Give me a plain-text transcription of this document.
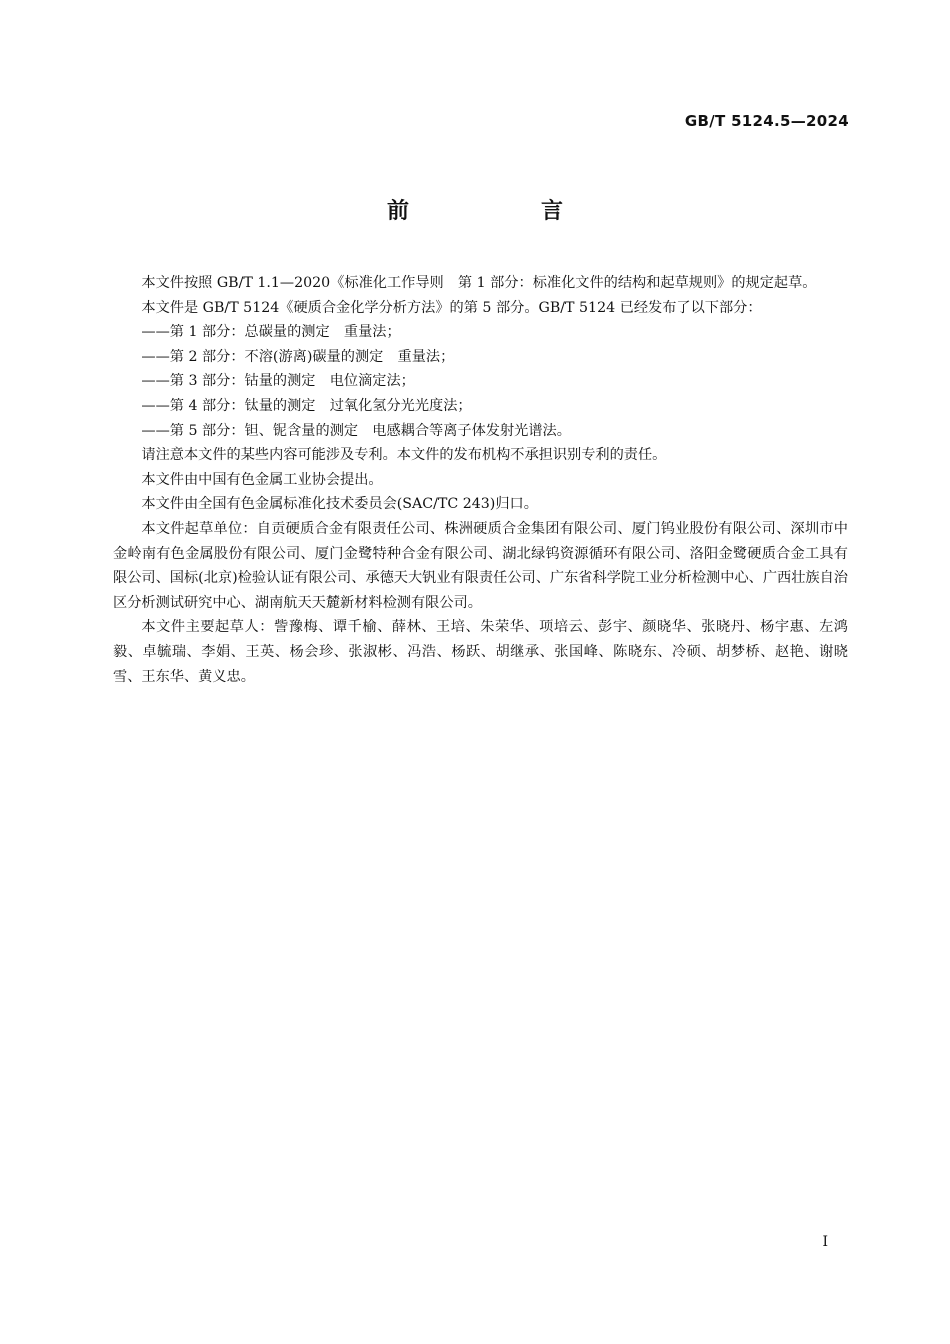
GB/T 5124.5—2024
前　言

本文件按照 GB/T 1.1—2020《标准化工作导则　第 1 部分：标准化文件的结构和起草规则》的规定起草。

本文件是 GB/T 5124《硬质合金化学分析方法》的第 5 部分。GB/T 5124 已经发布了以下部分：

——第 1 部分：总碳量的测定　重量法；

——第 2 部分：不溶(游离)碳量的测定　重量法；

——第 3 部分：钴量的测定　电位滴定法；

——第 4 部分：钛量的测定　过氧化氢分光光度法；

——第 5 部分：钽、铌含量的测定　电感耦合等离子体发射光谱法。

请注意本文件的某些内容可能涉及专利。本文件的发布机构不承担识别专利的责任。

本文件由中国有色金属工业协会提出。

本文件由全国有色金属标准化技术委员会(SAC/TC 243)归口。

本文件起草单位：自贡硬质合金有限责任公司、株洲硬质合金集团有限公司、厦门钨业股份有限公司、深圳市中金岭南有色金属股份有限公司、厦门金鹭特种合金有限公司、湖北绿钨资源循环有限公司、洛阳金鹭硬质合金工具有限公司、国标(北京)检验认证有限公司、承德天大钒业有限责任公司、广东省科学院工业分析检测中心、广西壮族自治区分析测试研究中心、湖南航天天麓新材料检测有限公司。

本文件主要起草人：訾豫梅、谭千榆、薛林、王培、朱荣华、项培云、彭宇、颜晓华、张晓丹、杨宇惠、左鸿毅、卓毓瑞、李娟、王英、杨会珍、张淑彬、冯浩、杨跃、胡继承、张国峰、陈晓东、冷硕、胡梦桥、赵艳、谢晓雪、王东华、黄义忠。

I
